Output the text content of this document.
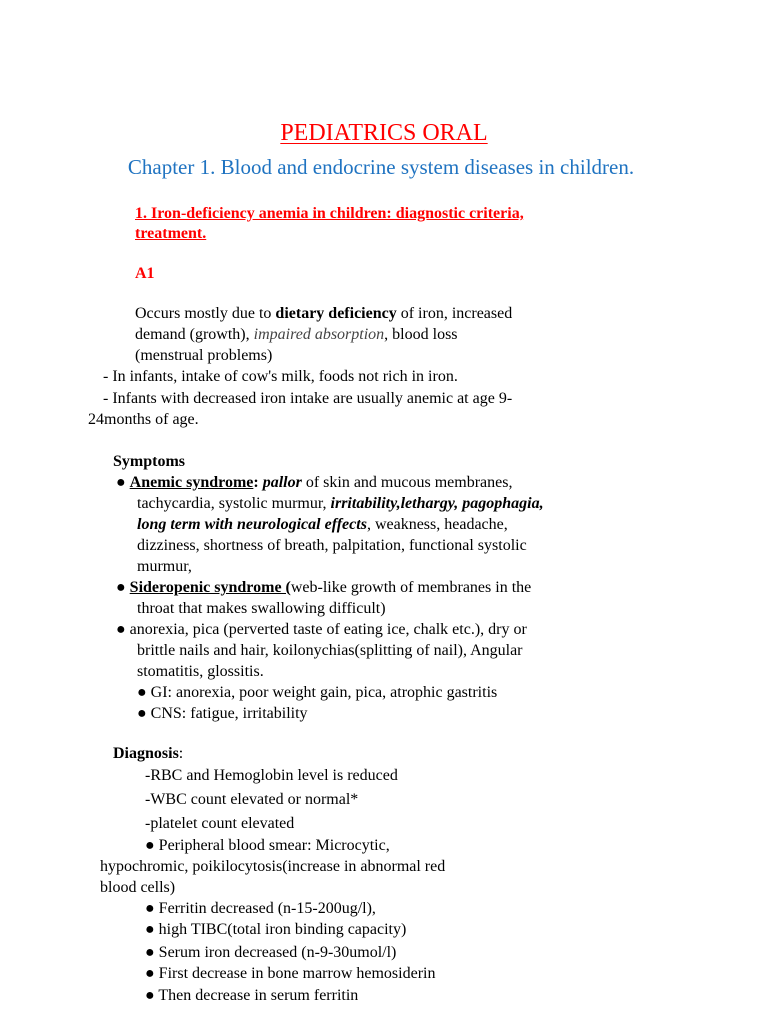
PEDIATRICS ORAL
Chapter 1. Blood and endocrine system diseases in children.
1. Iron-deficiency anemia in children: diagnostic criteria,
treatment.
A1
Occurs mostly due to dietary deficiency of iron, increased
demand (growth), impaired absorption, blood loss
(menstrual problems)
- In infants, intake of cow's milk, foods not rich in iron.
- Infants with decreased iron intake are usually anemic at age 9-
24months of age.
Symptoms
● Anemic syndrome: pallor of skin and mucous membranes,
tachycardia, systolic murmur, irritability,lethargy, pagophagia,
long term with neurological effects, weakness, headache,
dizziness, shortness of breath, palpitation, functional systolic
murmur,
● Sideropenic syndrome (web-like growth of membranes in the
throat that makes swallowing difficult)
● anorexia, pica (perverted taste of eating ice, chalk etc.), dry or
brittle nails and hair, koilonychias(splitting of nail), Angular
stomatitis, glossitis.
● GI: anorexia, poor weight gain, pica, atrophic gastritis
● CNS: fatigue, irritability
Diagnosis:
-RBC and Hemoglobin level is reduced
-WBC count elevated or normal*
-platelet count elevated
● Peripheral blood smear: Microcytic,
hypochromic, poikilocytosis(increase in abnormal red
blood cells)
● Ferritin decreased (n-15-200ug/l),
● high TIBC(total iron binding capacity)
● Serum iron decreased (n-9-30umol/l)
● First decrease in bone marrow hemosiderin
● Then decrease in serum ferritin
